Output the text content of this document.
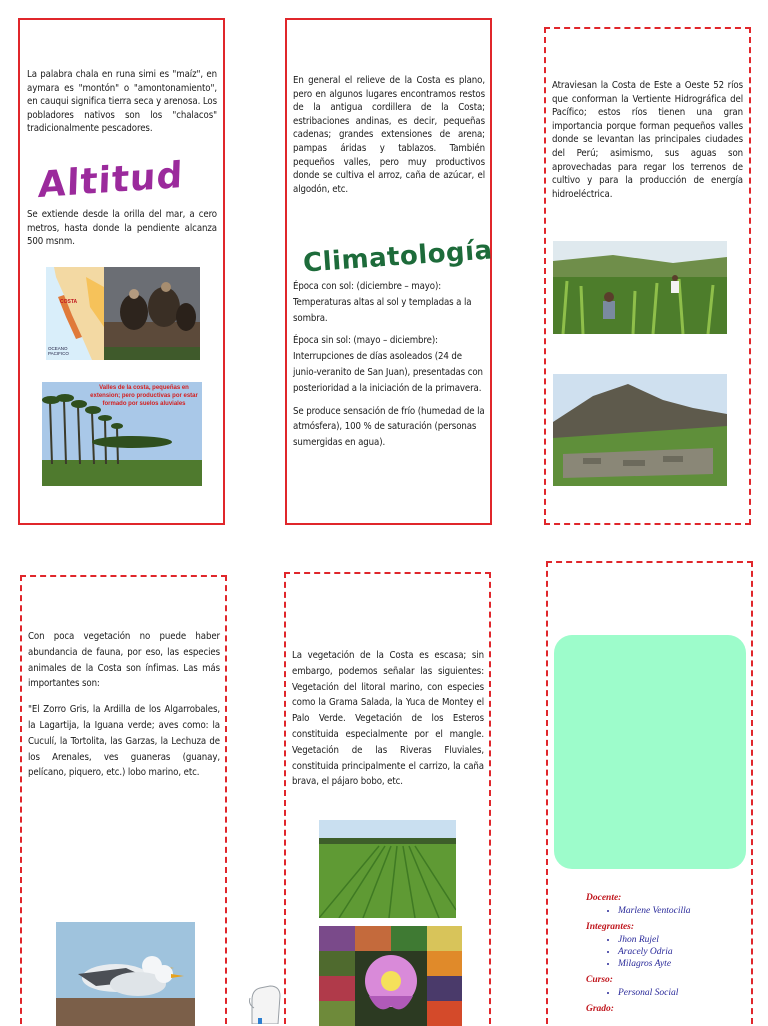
La palabra chala en runa simi es "maíz", en aymara es "montón" o "amontonamiento", en cauqui significa tierra seca y arenosa. Los pobladores nativos son los "chalacos" tradicionalmente pescadores.
Altitud
Se extiende desde la orilla del mar, a cero metros, hasta donde la pendiente alcanza 500 msnm.
COSTA
OCEANO PACIFICO
Valles de la costa, pequeñas en extension; pero productivas por estar formado por suelos aluviales
En general el relieve de la Costa es plano, pero en algunos lugares encontramos restos de la antigua cordillera de la Costa; estribaciones andinas, es decir, pequeñas cadenas; grandes extensiones de arena; pampas áridas y tablazos. También pequeños valles, pero muy productivos donde se cultiva el arroz, caña de azúcar, el algodón, etc.
Climatología

Época con sol: (diciembre – mayo): Temperaturas altas al sol y templadas a la sombra.

Época sin sol: (mayo – diciembre): Interrupciones de días asoleados (24 de junio-veranito de San Juan), presentadas con posterioridad a la iniciación de la primavera.

Se produce sensación de frío (humedad de la atmósfera), 100 % de saturación (personas sumergidas en agua).

Atraviesan la Costa de Este a Oeste 52 ríos que conforman la Vertiente Hidrográfica del Pacífico; estos ríos tienen una gran importancia porque forman pequeños valles donde se levantan las principales ciudades del Perú; asimismo, sus aguas son aprovechadas para regar los terrenos de cultivo y para la producción de energía hidroeléctrica.

Con poca vegetación no puede haber abundancia de fauna, por eso, las especies animales de la Costa son ínfimas. Las más importantes son:

"El Zorro Gris, la Ardilla de los Algarrobales, la Lagartija, la Iguana verde; aves como: la Cuculí, la Tortolita, las Garzas, la Lechuza de los Arenales, ves guaneras (guanay, pelícano, piquero, etc.) lobo marino, etc.

La vegetación de la Costa es escasa; sin embargo, podemos señalar las siguientes: Vegetación del litoral marino, con especies como la Grama Salada, la Yuca de Montey el Palo Verde. Vegetación de los Esteros constituida especialmente por el mangle. Vegetación de las Riveras Fluviales, constituida principalmente el carrizo, la caña brava, el pájaro bobo, etc.
Docente:
• Marlene Ventocilla
Integrantes:
• Jhon Rujel
• Aracely Odria
• Milagros Ayte
Curso:
• Personal Social
Grado:
